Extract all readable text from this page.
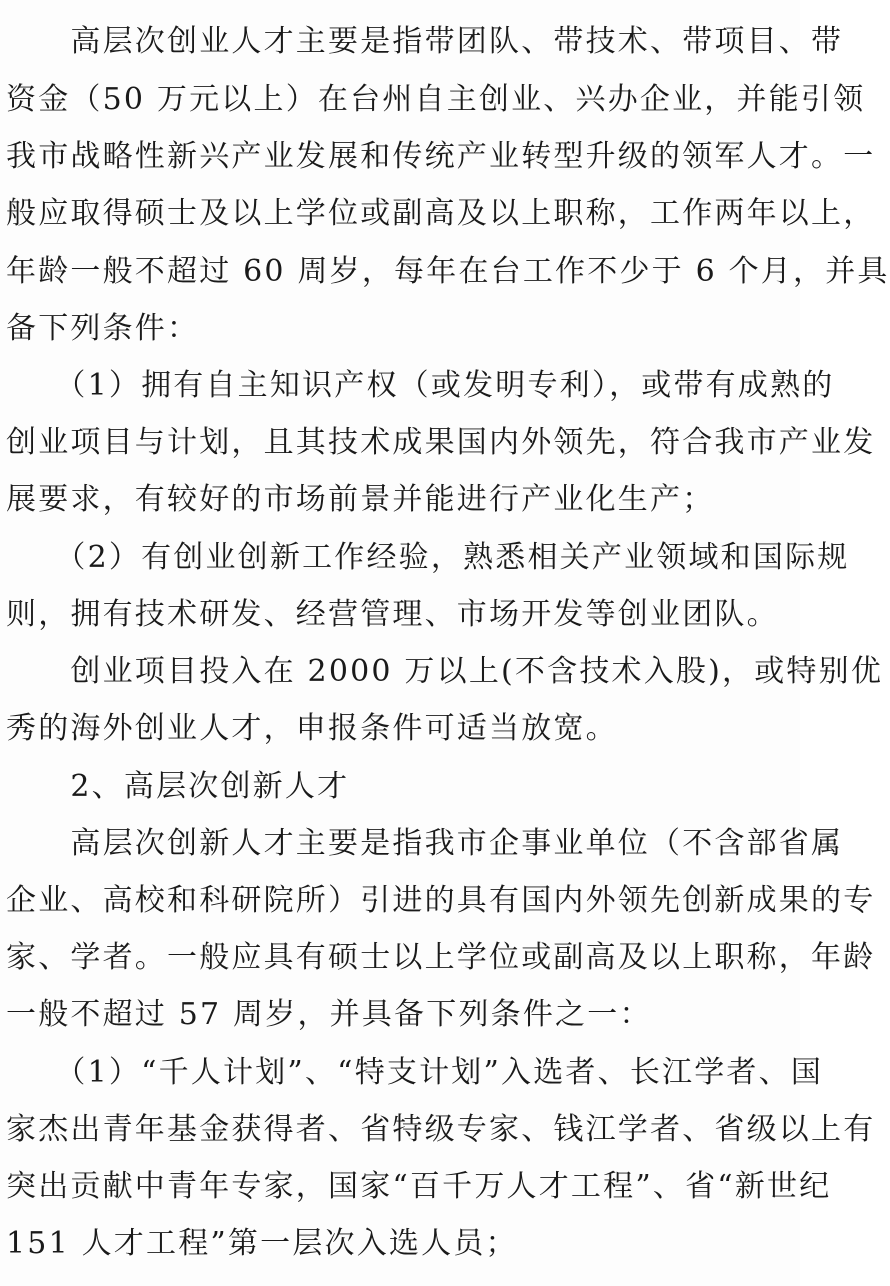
　　高层次创业人才主要是指带团队、带技术、带项目、带
资金（50 万元以上）在台州自主创业、兴办企业，并能引领
我市战略性新兴产业发展和传统产业转型升级的领军人才。一
般应取得硕士及以上学位或副高及以上职称，工作两年以上，
年龄一般不超过 60 周岁，每年在台工作不少于 6 个月，并具
备下列条件：
　　（1）拥有自主知识产权（或发明专利），或带有成熟的
创业项目与计划，且其技术成果国内外领先，符合我市产业发
展要求，有较好的市场前景并能进行产业化生产；
　　（2）有创业创新工作经验，熟悉相关产业领域和国际规
则，拥有技术研发、经营管理、市场开发等创业团队。
　　创业项目投入在 2000 万以上(不含技术入股)，或特别优
秀的海外创业人才，申报条件可适当放宽。
　　2、高层次创新人才
　　高层次创新人才主要是指我市企事业单位（不含部省属
企业、高校和科研院所）引进的具有国内外领先创新成果的专
家、学者。一般应具有硕士以上学位或副高及以上职称，年龄
一般不超过 57 周岁，并具备下列条件之一：
　　（1）“千人计划”、“特支计划”入选者、长江学者、国
家杰出青年基金获得者、省特级专家、钱江学者、省级以上有
突出贡献中青年专家，国家“百千万人才工程”、省“新世纪
151 人才工程”第一层次入选人员；
